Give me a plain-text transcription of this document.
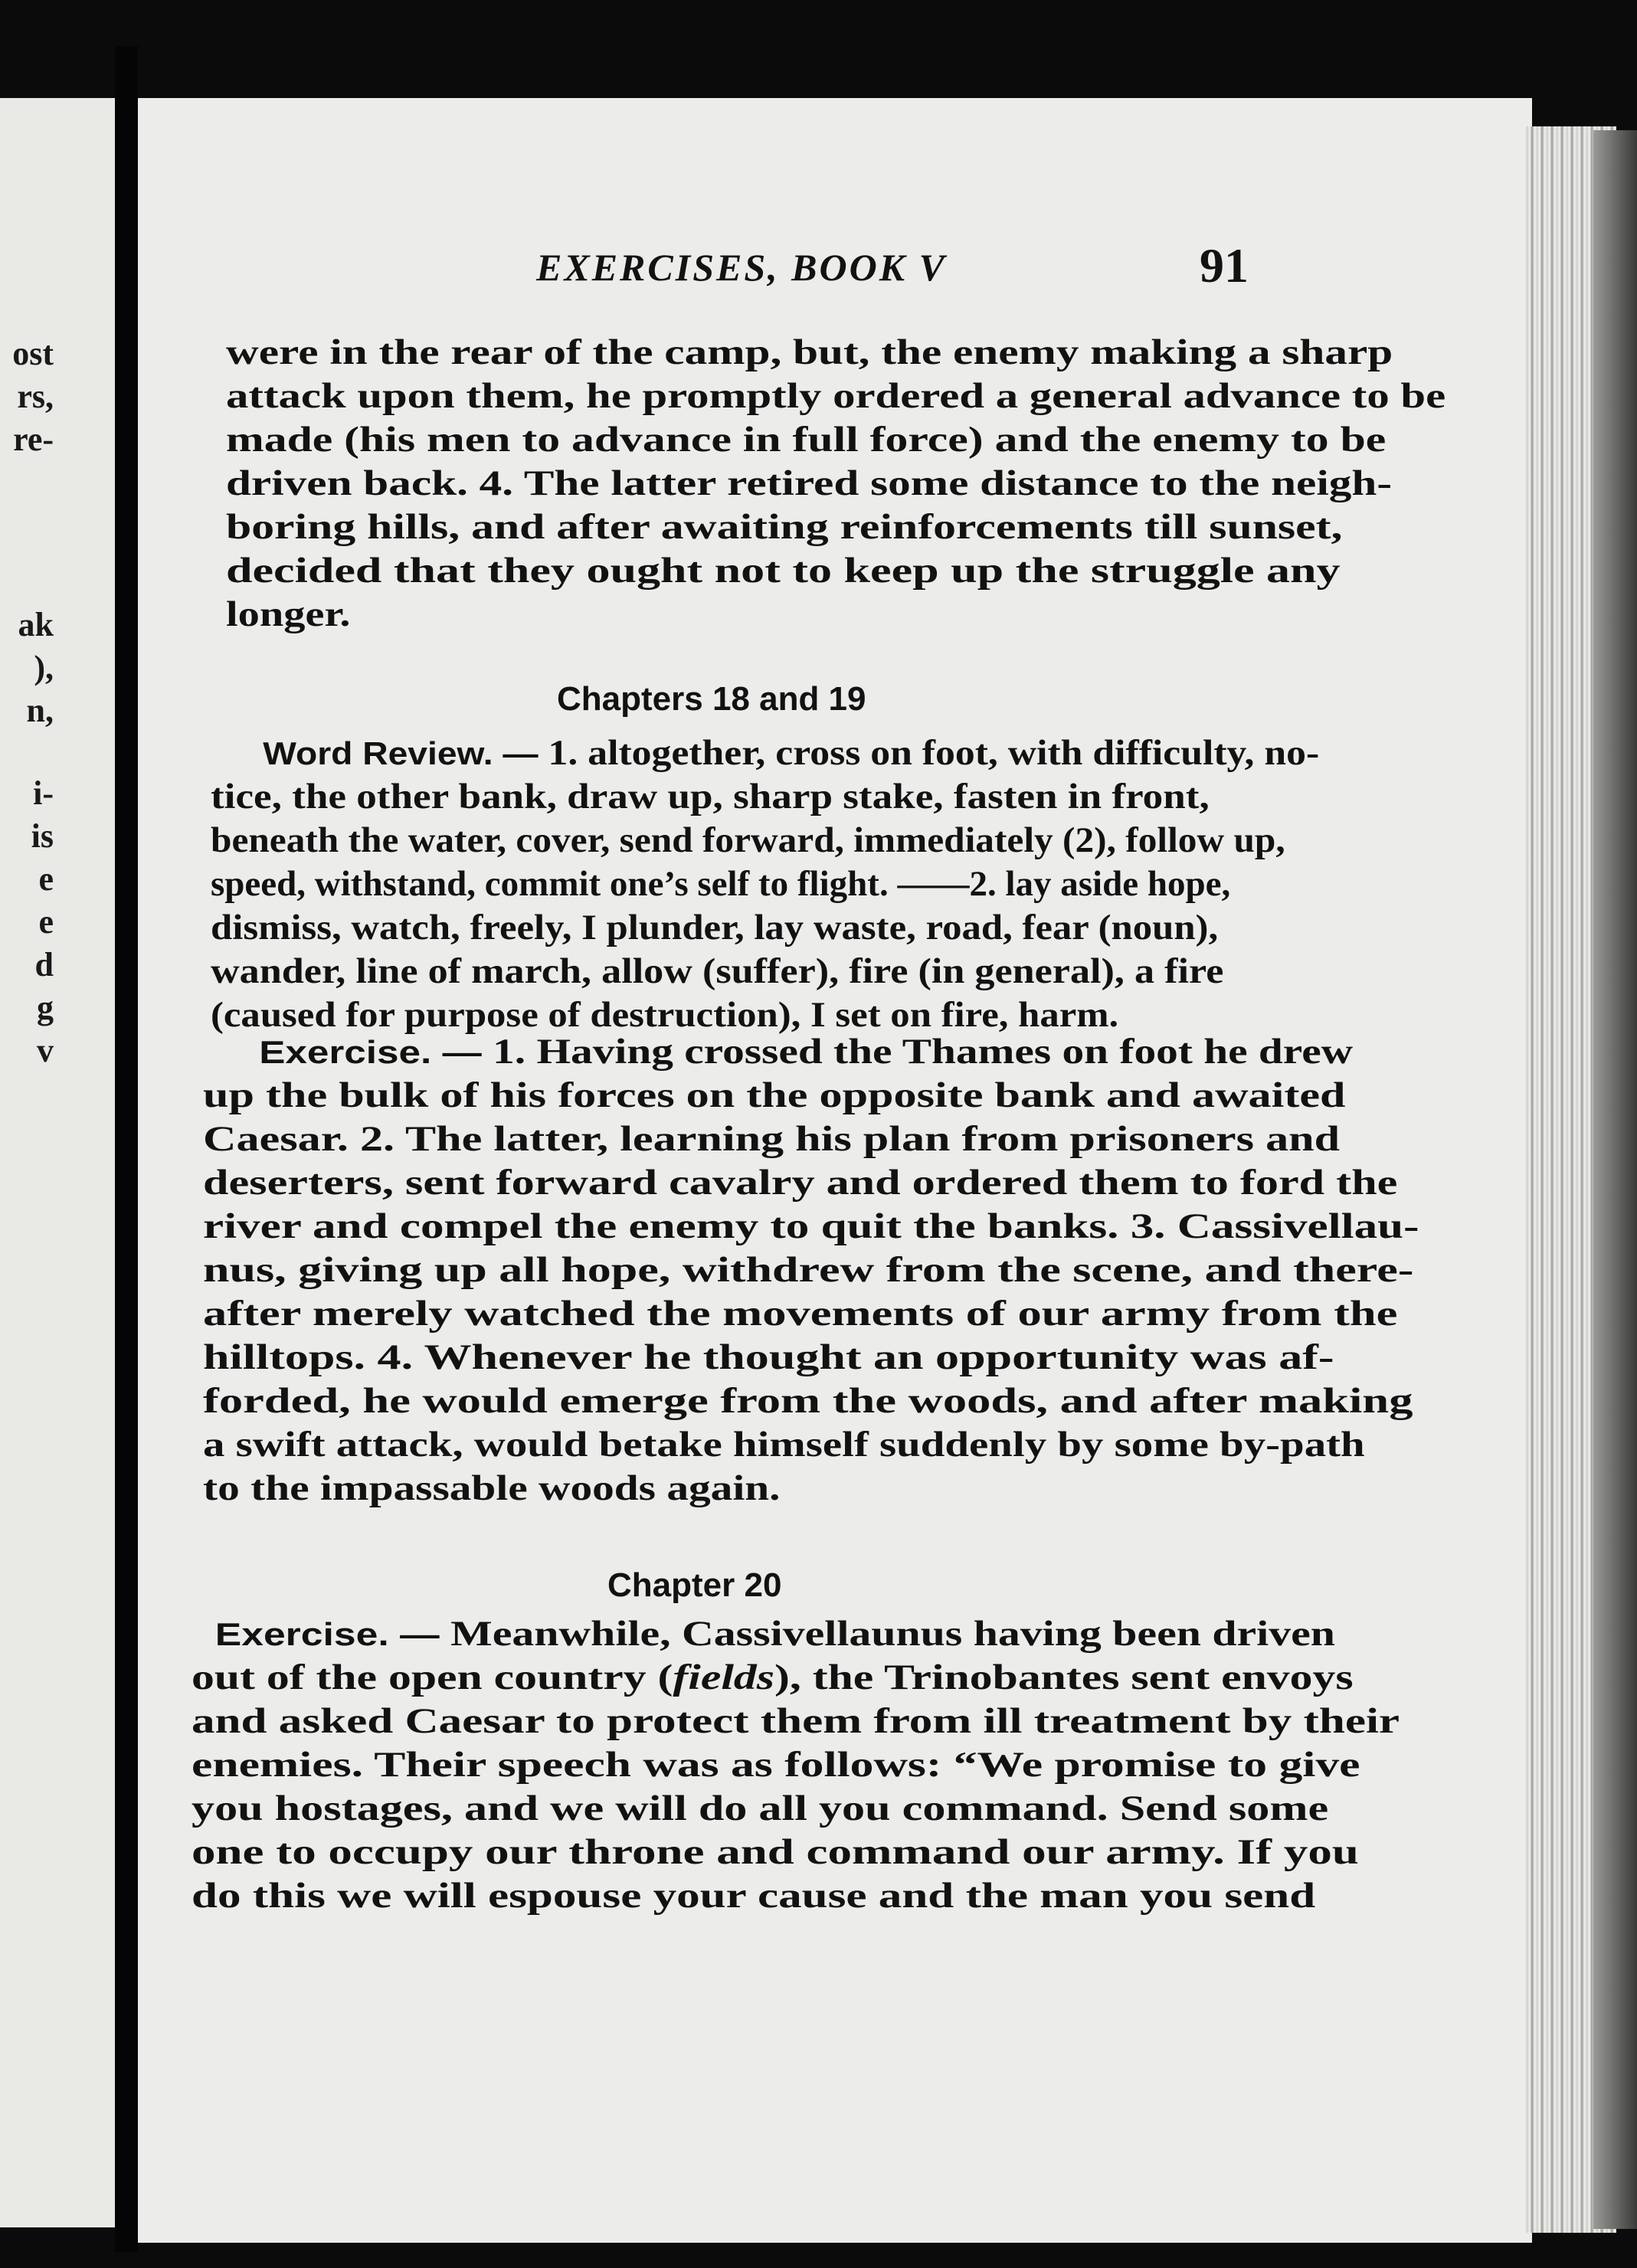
ost
rs,
re-
ak
),
n,
i-
is
e
e
d
g
v
EXERCISES, BOOK V	91
were in the rear of the camp, but, the enemy making a sharp
attack upon them, he promptly ordered a general advance to be
made (his men to advance in full force) and the enemy to be
driven back. 4. The latter retired some distance to the neigh-
boring hills, and after awaiting reinforcements till sunset,
decided that they ought not to keep up the struggle any
longer.
Chapters 18 and 19
Word Review. — 1. altogether, cross on foot, with difficulty, no-
tice, the other bank, draw up, sharp stake, fasten in front,
beneath the water, cover, send forward, immediately (2), follow up,
speed, withstand, commit one’s self to flight. ——2. lay aside hope,
dismiss, watch, freely, I plunder, lay waste, road, fear (noun),
wander, line of march, allow (suffer), fire (in general), a fire
(caused for purpose of destruction), I set on fire, harm.
Exercise. — 1. Having crossed the Thames on foot he drew
up the bulk of his forces on the opposite bank and awaited
Caesar. 2. The latter, learning his plan from prisoners and
deserters, sent forward cavalry and ordered them to ford the
river and compel the enemy to quit the banks. 3. Cassivellau-
nus, giving up all hope, withdrew from the scene, and there-
after merely watched the movements of our army from the
hilltops. 4. Whenever he thought an opportunity was af-
forded, he would emerge from the woods, and after making
a swift attack, would betake himself suddenly by some by-path
to the impassable woods again.
Chapter 20
Exercise. — Meanwhile, Cassivellaunus having been driven
out of the open country (fields), the Trinobantes sent envoys
and asked Caesar to protect them from ill treatment by their
enemies. Their speech was as follows: “We promise to give
you hostages, and we will do all you command. Send some
one to occupy our throne and command our army. If you
do this we will espouse your cause and the man you send
